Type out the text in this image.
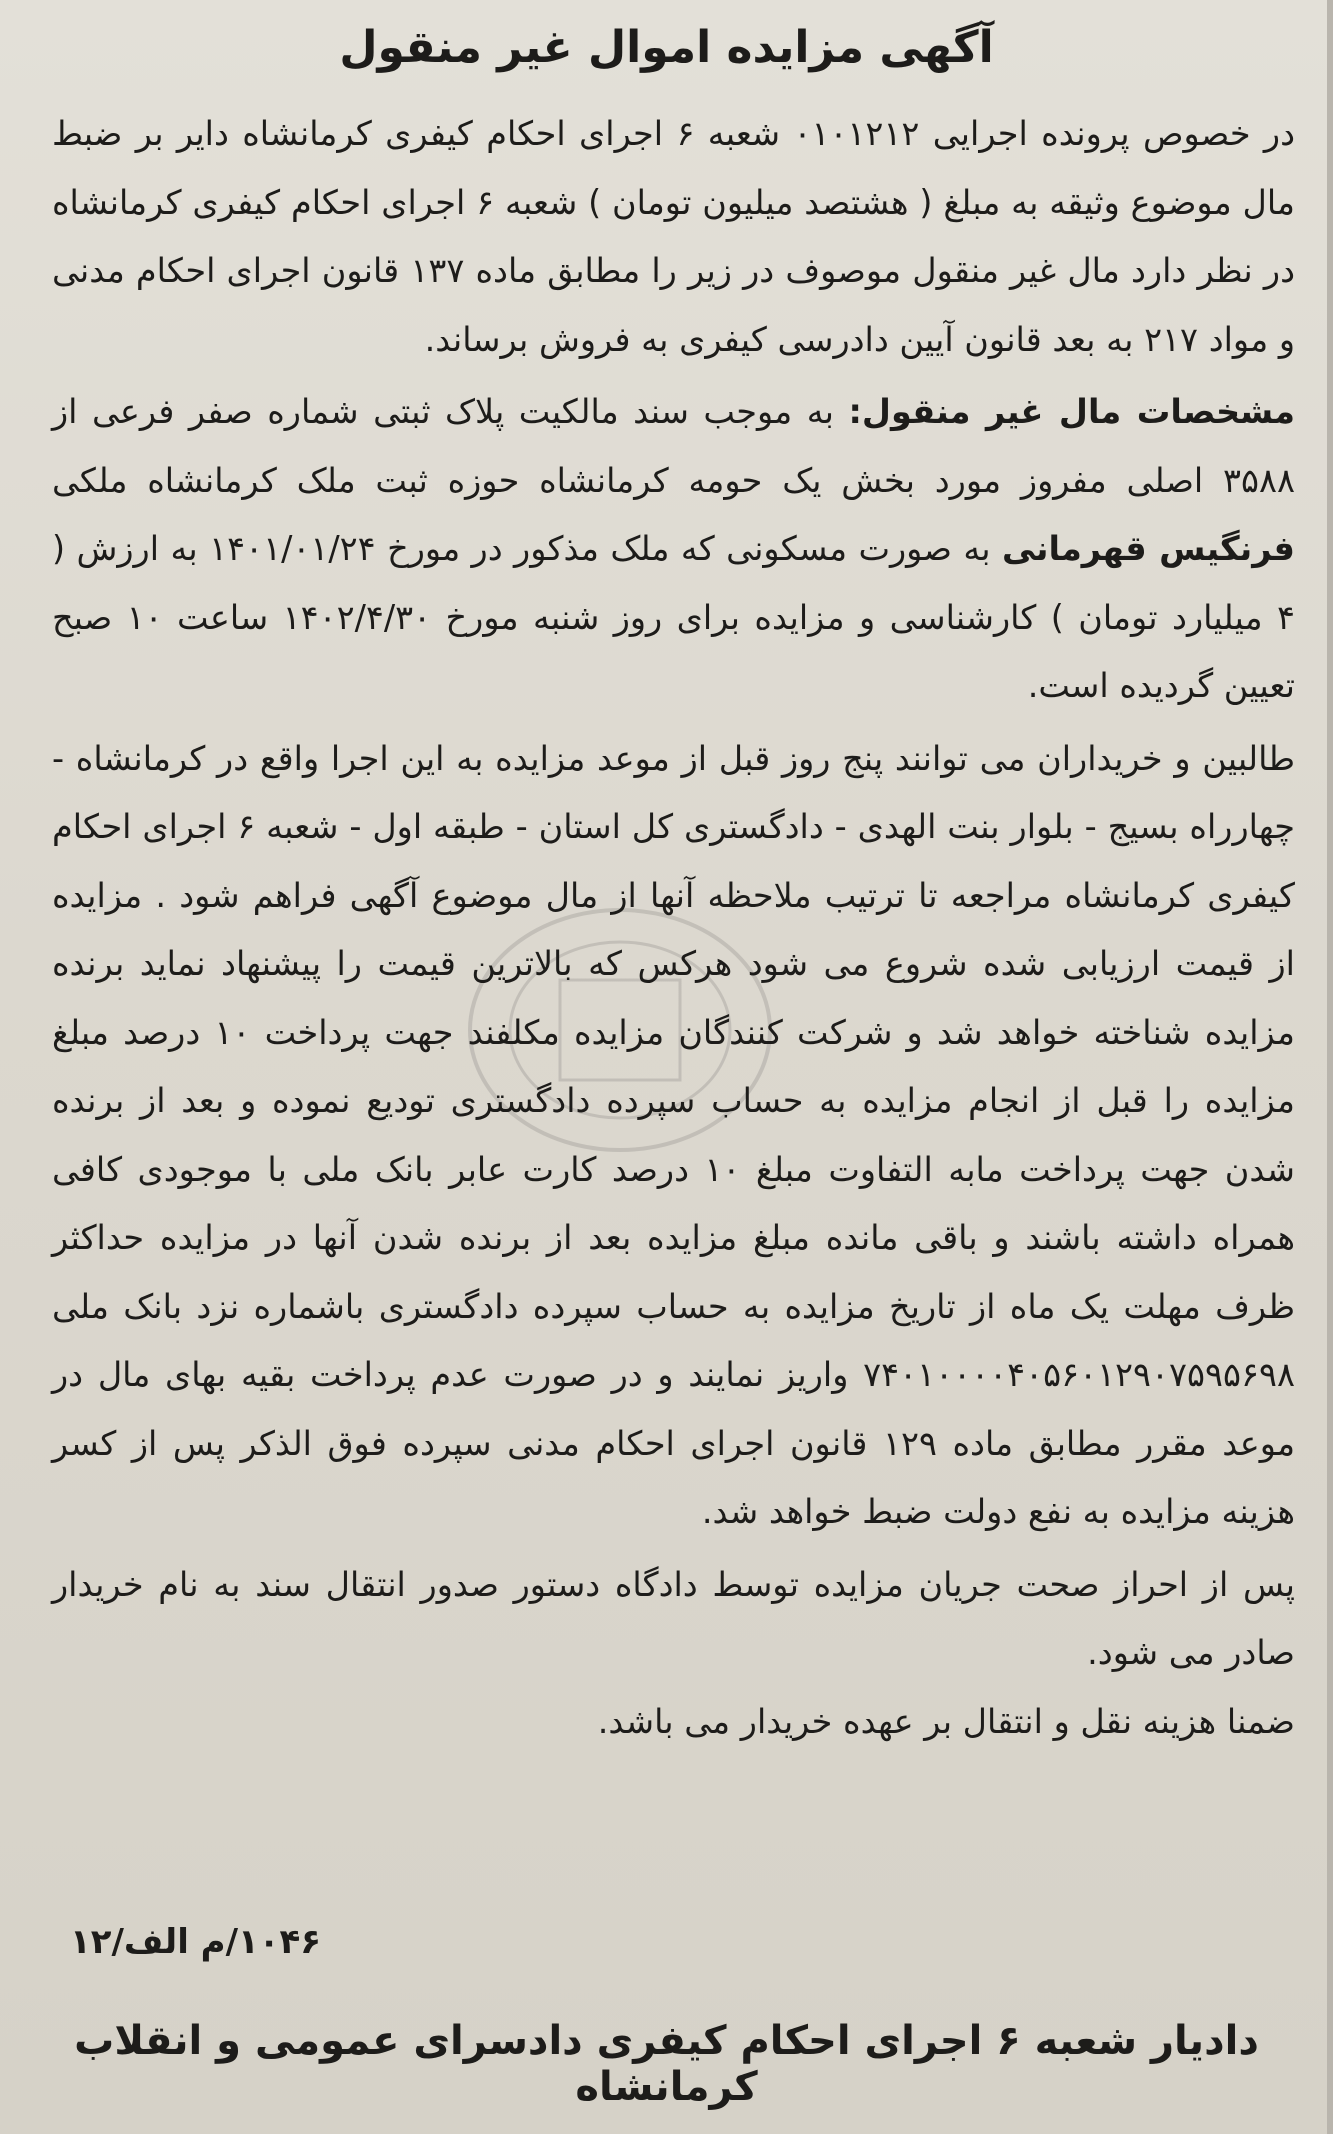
آگهی مزایده اموال غیر منقول

در خصوص پرونده اجرایی ۰۱۰۱۲۱۲ شعبه ۶ اجرای احکام کیفری کرمانشاه دایر بر ضبط مال موضوع وثیقه به مبلغ ( هشتصد میلیون تومان ) شعبه ۶ اجرای احکام کیفری کرمانشاه در نظر دارد مال غیر منقول موصوف در زیر را مطابق ماده ۱۳۷ قانون اجرای احکام مدنی و مواد ۲۱۷ به بعد قانون آیین دادرسی کیفری به فروش برساند.

مشخصات مال غیر منقول: به موجب سند مالکیت پلاک ثبتی شماره صفر فرعی از ۳۵۸۸ اصلی مفروز مورد بخش یک حومه کرمانشاه حوزه ثبت ملک کرمانشاه ملکی فرنگیس قهرمانی به صورت مسکونی که ملک مذکور در مورخ ۱۴۰۱/۰۱/۲۴ به ارزش ( ۴ میلیارد تومان ) کارشناسی و مزایده برای روز شنبه مورخ ۱۴۰۲/۴/۳۰ ساعت ۱۰ صبح تعیین گردیده است.

طالبین و خریداران می توانند پنج روز قبل از موعد مزایده به این اجرا واقع در کرمانشاه - چهارراه بسیج - بلوار بنت الهدی - دادگستری کل استان - طبقه اول - شعبه ۶ اجرای احکام کیفری کرمانشاه مراجعه تا ترتیب ملاحظه آنها از مال موضوع آگهی فراهم شود . مزایده از قیمت ارزیابی شده شروع می شود هرکس که بالاترین قیمت را پیشنهاد نماید برنده مزایده شناخته خواهد شد و شرکت کنندگان مزایده مکلفند جهت پرداخت ۱۰ درصد مبلغ مزایده را قبل از انجام مزایده به حساب سپرده دادگستری تودیع نموده و بعد از برنده شدن جهت پرداخت مابه التفاوت مبلغ ۱۰ درصد کارت عابر بانک ملی با موجودی کافی همراه داشته باشند و باقی مانده مبلغ مزایده بعد از برنده شدن آنها در مزایده حداکثر ظرف مهلت یک ماه از تاریخ مزایده به حساب سپرده دادگستری باشماره نزد بانک ملی ۷۴۰۱۰۰۰۰۴۰۵۶۰۱۲۹۰۷۵۹۵۶۹۸ واریز نمایند و در صورت عدم پرداخت بقیه بهای مال در موعد مقرر مطابق ماده ۱۲۹ قانون اجرای احکام مدنی سپرده فوق الذکر پس از کسر هزینه مزایده به نفع دولت ضبط خواهد شد.

پس از احراز صحت جریان مزایده توسط دادگاه دستور صدور انتقال سند به نام خریدار صادر می شود.

ضمنا هزینه نقل و انتقال بر عهده خریدار می باشد.

۱۰۴۶/م الف/۱۲
دادیار شعبه ۶ اجرای احکام کیفری دادسرای عمومی و انقلاب کرمانشاه
